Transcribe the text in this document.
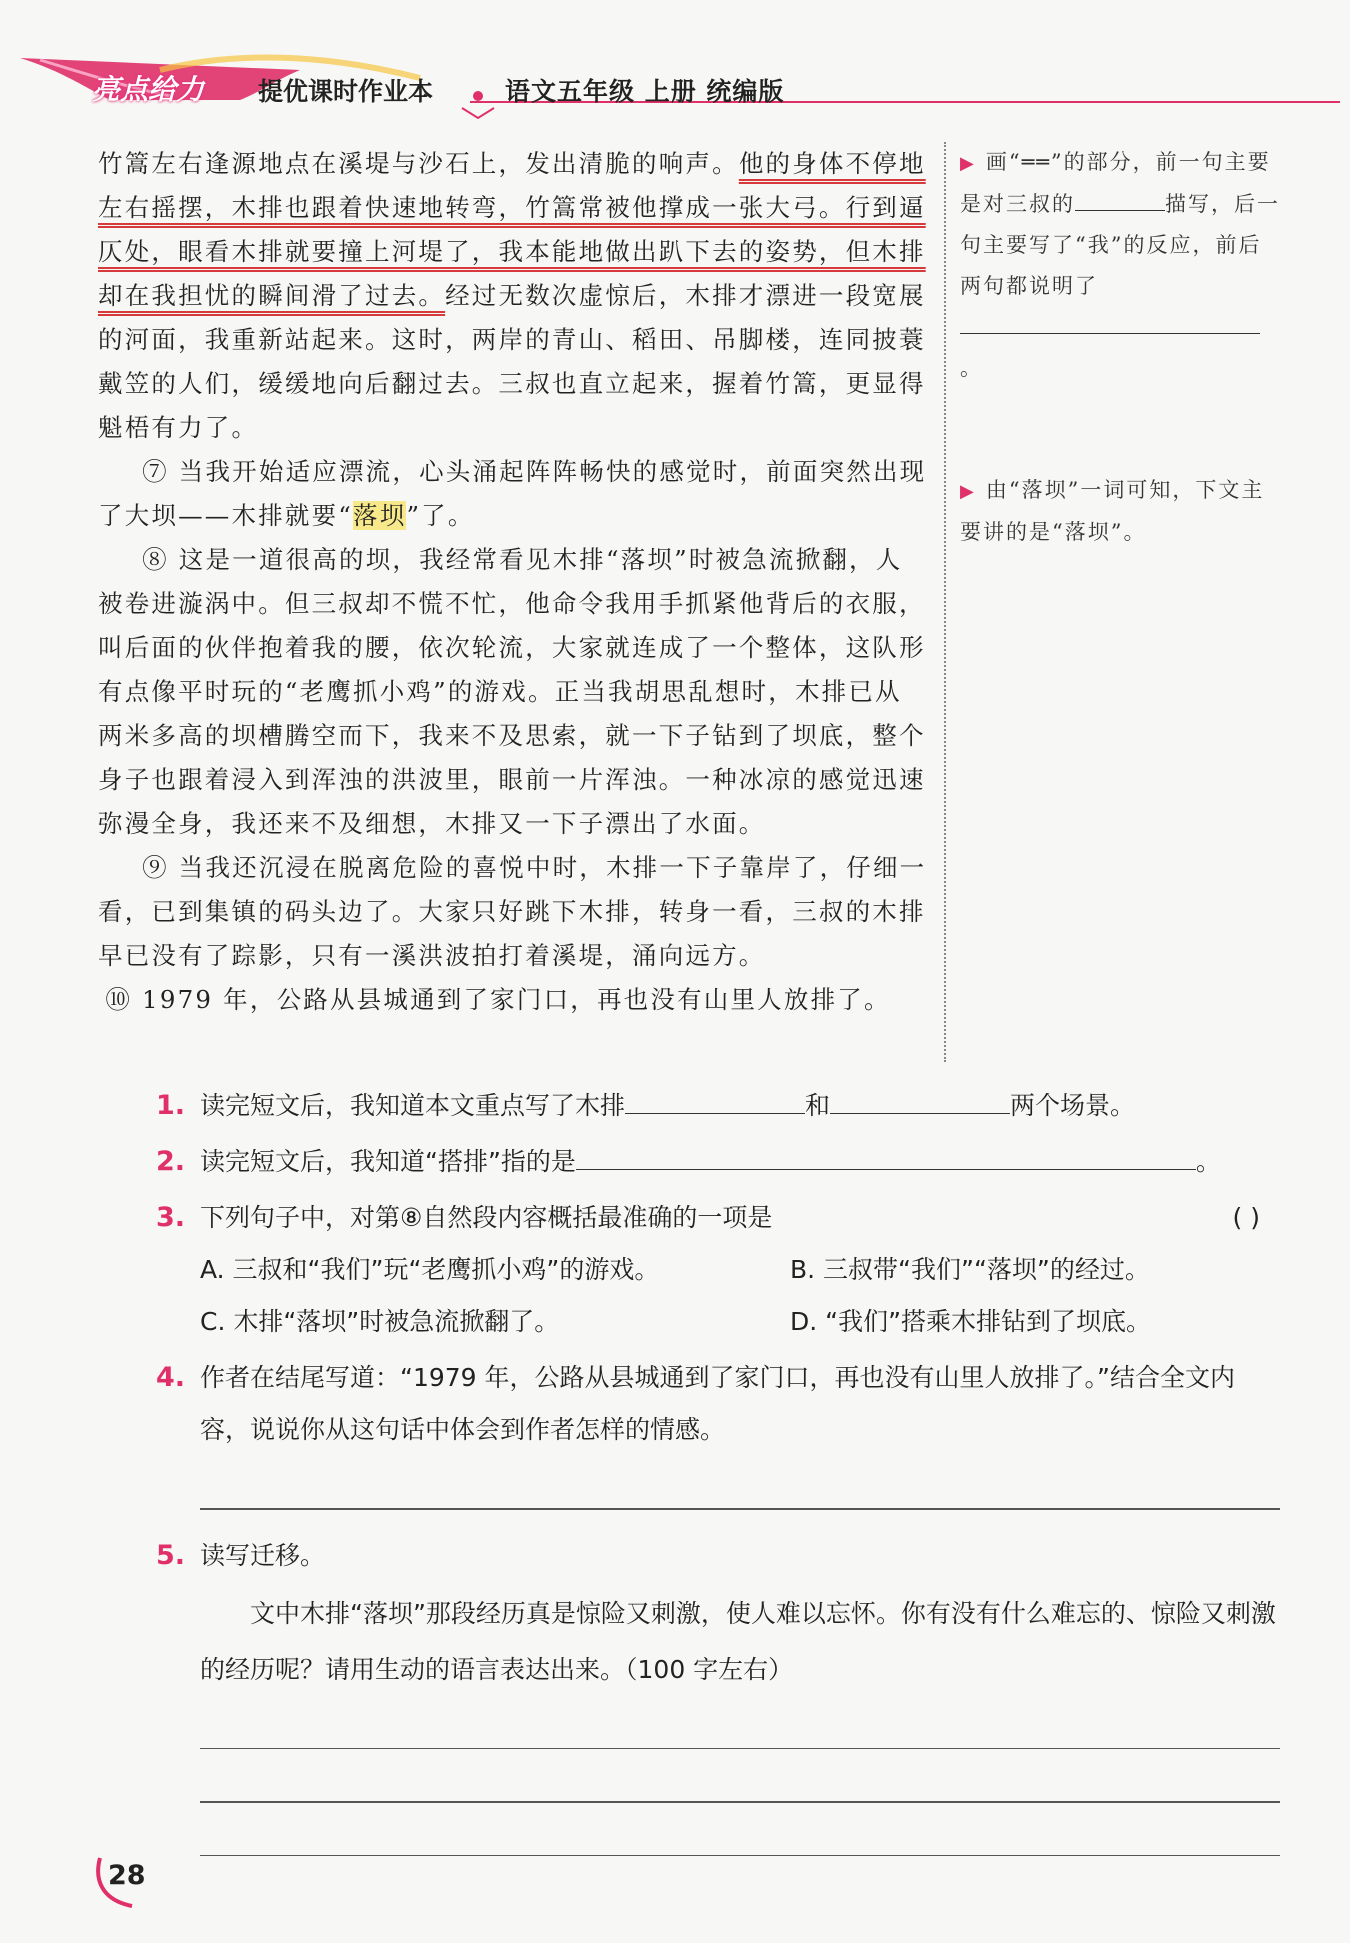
亮点给力 提优课时作业本	语文五年级 上册 统编版

竹篙左右逢源地点在溪堤与沙石上，发出清脆的响声。他的身体不停地左右摇摆，木排也跟着快速地转弯，竹篙常被他撑成一张大弓。行到逼仄处，眼看木排就要撞上河堤了，我本能地做出趴下去的姿势，但木排却在我担忧的瞬间滑了过去。经过无数次虚惊后，木排才漂进一段宽展的河面，我重新站起来。这时，两岸的青山、稻田、吊脚楼，连同披蓑戴笠的人们，缓缓地向后翻过去。三叔也直立起来，握着竹篙，更显得魁梧有力了。

⑦ 当我开始适应漂流，心头涌起阵阵畅快的感觉时，前面突然出现了大坝——木排就要“落坝”了。

⑧ 这是一道很高的坝，我经常看见木排“落坝”时被急流掀翻，人被卷进漩涡中。但三叔却不慌不忙，他命令我用手抓紧他背后的衣服，叫后面的伙伴抱着我的腰，依次轮流，大家就连成了一个整体，这队形有点像平时玩的“老鹰抓小鸡”的游戏。正当我胡思乱想时，木排已从两米多高的坝槽腾空而下，我来不及思索，就一下子钻到了坝底，整个身子也跟着浸入到浑浊的洪波里，眼前一片浑浊。一种冰凉的感觉迅速弥漫全身，我还来不及细想，木排又一下子漂出了水面。

⑨ 当我还沉浸在脱离危险的喜悦中时，木排一下子靠岸了，仔细一看，已到集镇的码头边了。大家只好跳下木排，转身一看，三叔的木排早已没有了踪影，只有一溪洪波拍打着溪堤，涌向远方。

⑩ 1979 年，公路从县城通到了家门口，再也没有山里人放排了。

▶ 画“══”的部分，前一句主要是对三叔的	描写，后一句主要写了“我”的反应，前后两句都说明了
。
▶ 由“落坝”一词可知，下文主要讲的是“落坝”。
1. 读完短文后，我知道本文重点写了木排	和	两个场景。
2. 读完短文后，我知道“搭排”指的是	。
3. 下列句子中，对第⑧自然段内容概括最准确的一项是	( )
A. 三叔和“我们”玩“老鹰抓小鸡”的游戏。	B. 三叔带“我们”“落坝”的经过。
C. 木排“落坝”时被急流掀翻了。	D. “我们”搭乘木排钻到了坝底。
4. 作者在结尾写道：“1979 年，公路从县城通到了家门口，再也没有山里人放排了。”结合全文内容，说说你从这句话中体会到作者怎样的情感。
5. 读写迁移。
文中木排“落坝”那段经历真是惊险又刺激，使人难以忘怀。你有没有什么难忘的、惊险又刺激的经历呢？请用生动的语言表达出来。（100 字左右）
28
